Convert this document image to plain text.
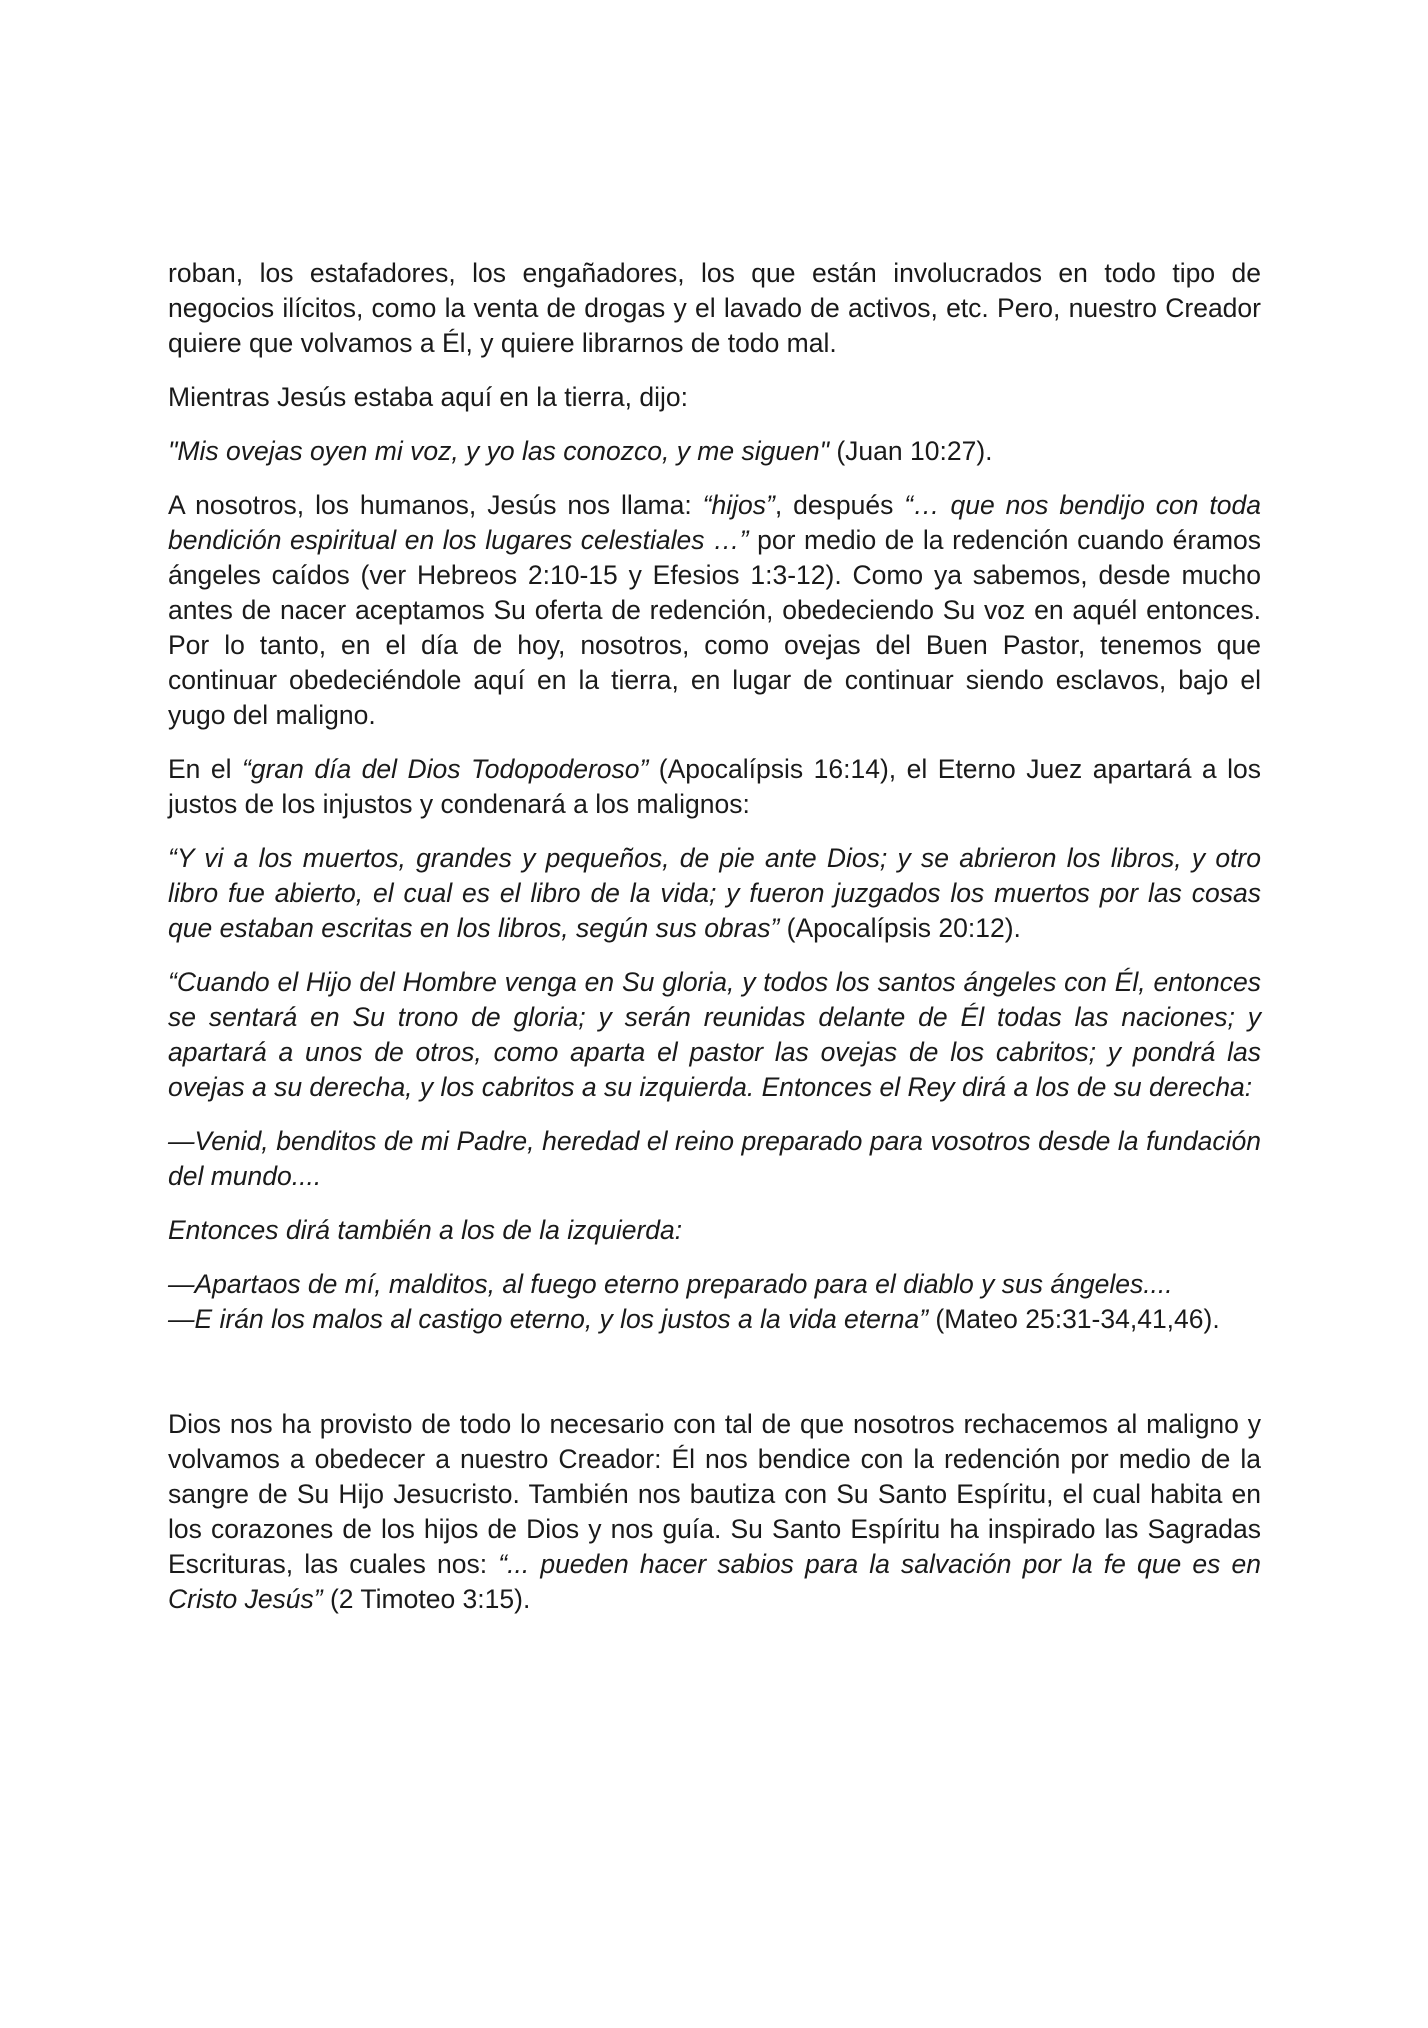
roban, los estafadores, los engañadores, los que están involucrados en todo tipo de negocios ilícitos, como la venta de drogas y el lavado de activos, etc. Pero, nuestro Creador quiere que volvamos a Él, y quiere librarnos de todo mal.

Mientras Jesús estaba aquí en la tierra, dijo:

"Mis ovejas oyen mi voz, y yo las conozco, y me siguen" (Juan 10:27).

A nosotros, los humanos, Jesús nos llama: “hijos”, después “… que nos bendijo con toda bendición espiritual en los lugares celestiales …” por medio de la redención cuando éramos ángeles caídos (ver Hebreos 2:10-15 y Efesios 1:3-12). Como ya sabemos, desde mucho antes de nacer aceptamos Su oferta de redención, obedeciendo Su voz en aquél entonces. Por lo tanto, en el día de hoy, nosotros, como ovejas del Buen Pastor, tenemos que continuar obedeciéndole aquí en la tierra, en lugar de continuar siendo esclavos, bajo el yugo del maligno.

En el “gran día del Dios Todopoderoso” (Apocalípsis 16:14), el Eterno Juez apartará a los justos de los injustos y condenará a los malignos:

“Y vi a los muertos, grandes y pequeños, de pie ante Dios; y se abrieron los libros, y otro libro fue abierto, el cual es el libro de la vida; y fueron juzgados los muertos por las cosas que estaban escritas en los libros, según sus obras” (Apocalípsis 20:12).

“Cuando el Hijo del Hombre venga en Su gloria, y todos los santos ángeles con Él, entonces se sentará en Su trono de gloria; y serán reunidas delante de Él todas las naciones; y apartará a unos de otros, como aparta el pastor las ovejas de los cabritos; y pondrá las ovejas a su derecha, y los cabritos a su izquierda. Entonces el Rey dirá a los de su derecha:

—Venid, benditos de mi Padre, heredad el reino preparado para vosotros desde la fundación del mundo....

Entonces dirá también a los de la izquierda:

—Apartaos de mí, malditos, al fuego eterno preparado para el diablo y sus ángeles....
—E irán los malos al castigo eterno, y los justos a la vida eterna” (Mateo 25:31-34,41,46).

Dios nos ha provisto de todo lo necesario con tal de que nosotros rechacemos al maligno y volvamos a obedecer a nuestro Creador: Él nos bendice con la redención por medio de la sangre de Su Hijo Jesucristo. También nos bautiza con Su Santo Espíritu, el cual habita en los corazones de los hijos de Dios y nos guía. Su Santo Espíritu ha inspirado las Sagradas Escrituras, las cuales nos: “... pueden hacer sabios para la salvación por la fe que es en Cristo Jesús” (2 Timoteo 3:15).
